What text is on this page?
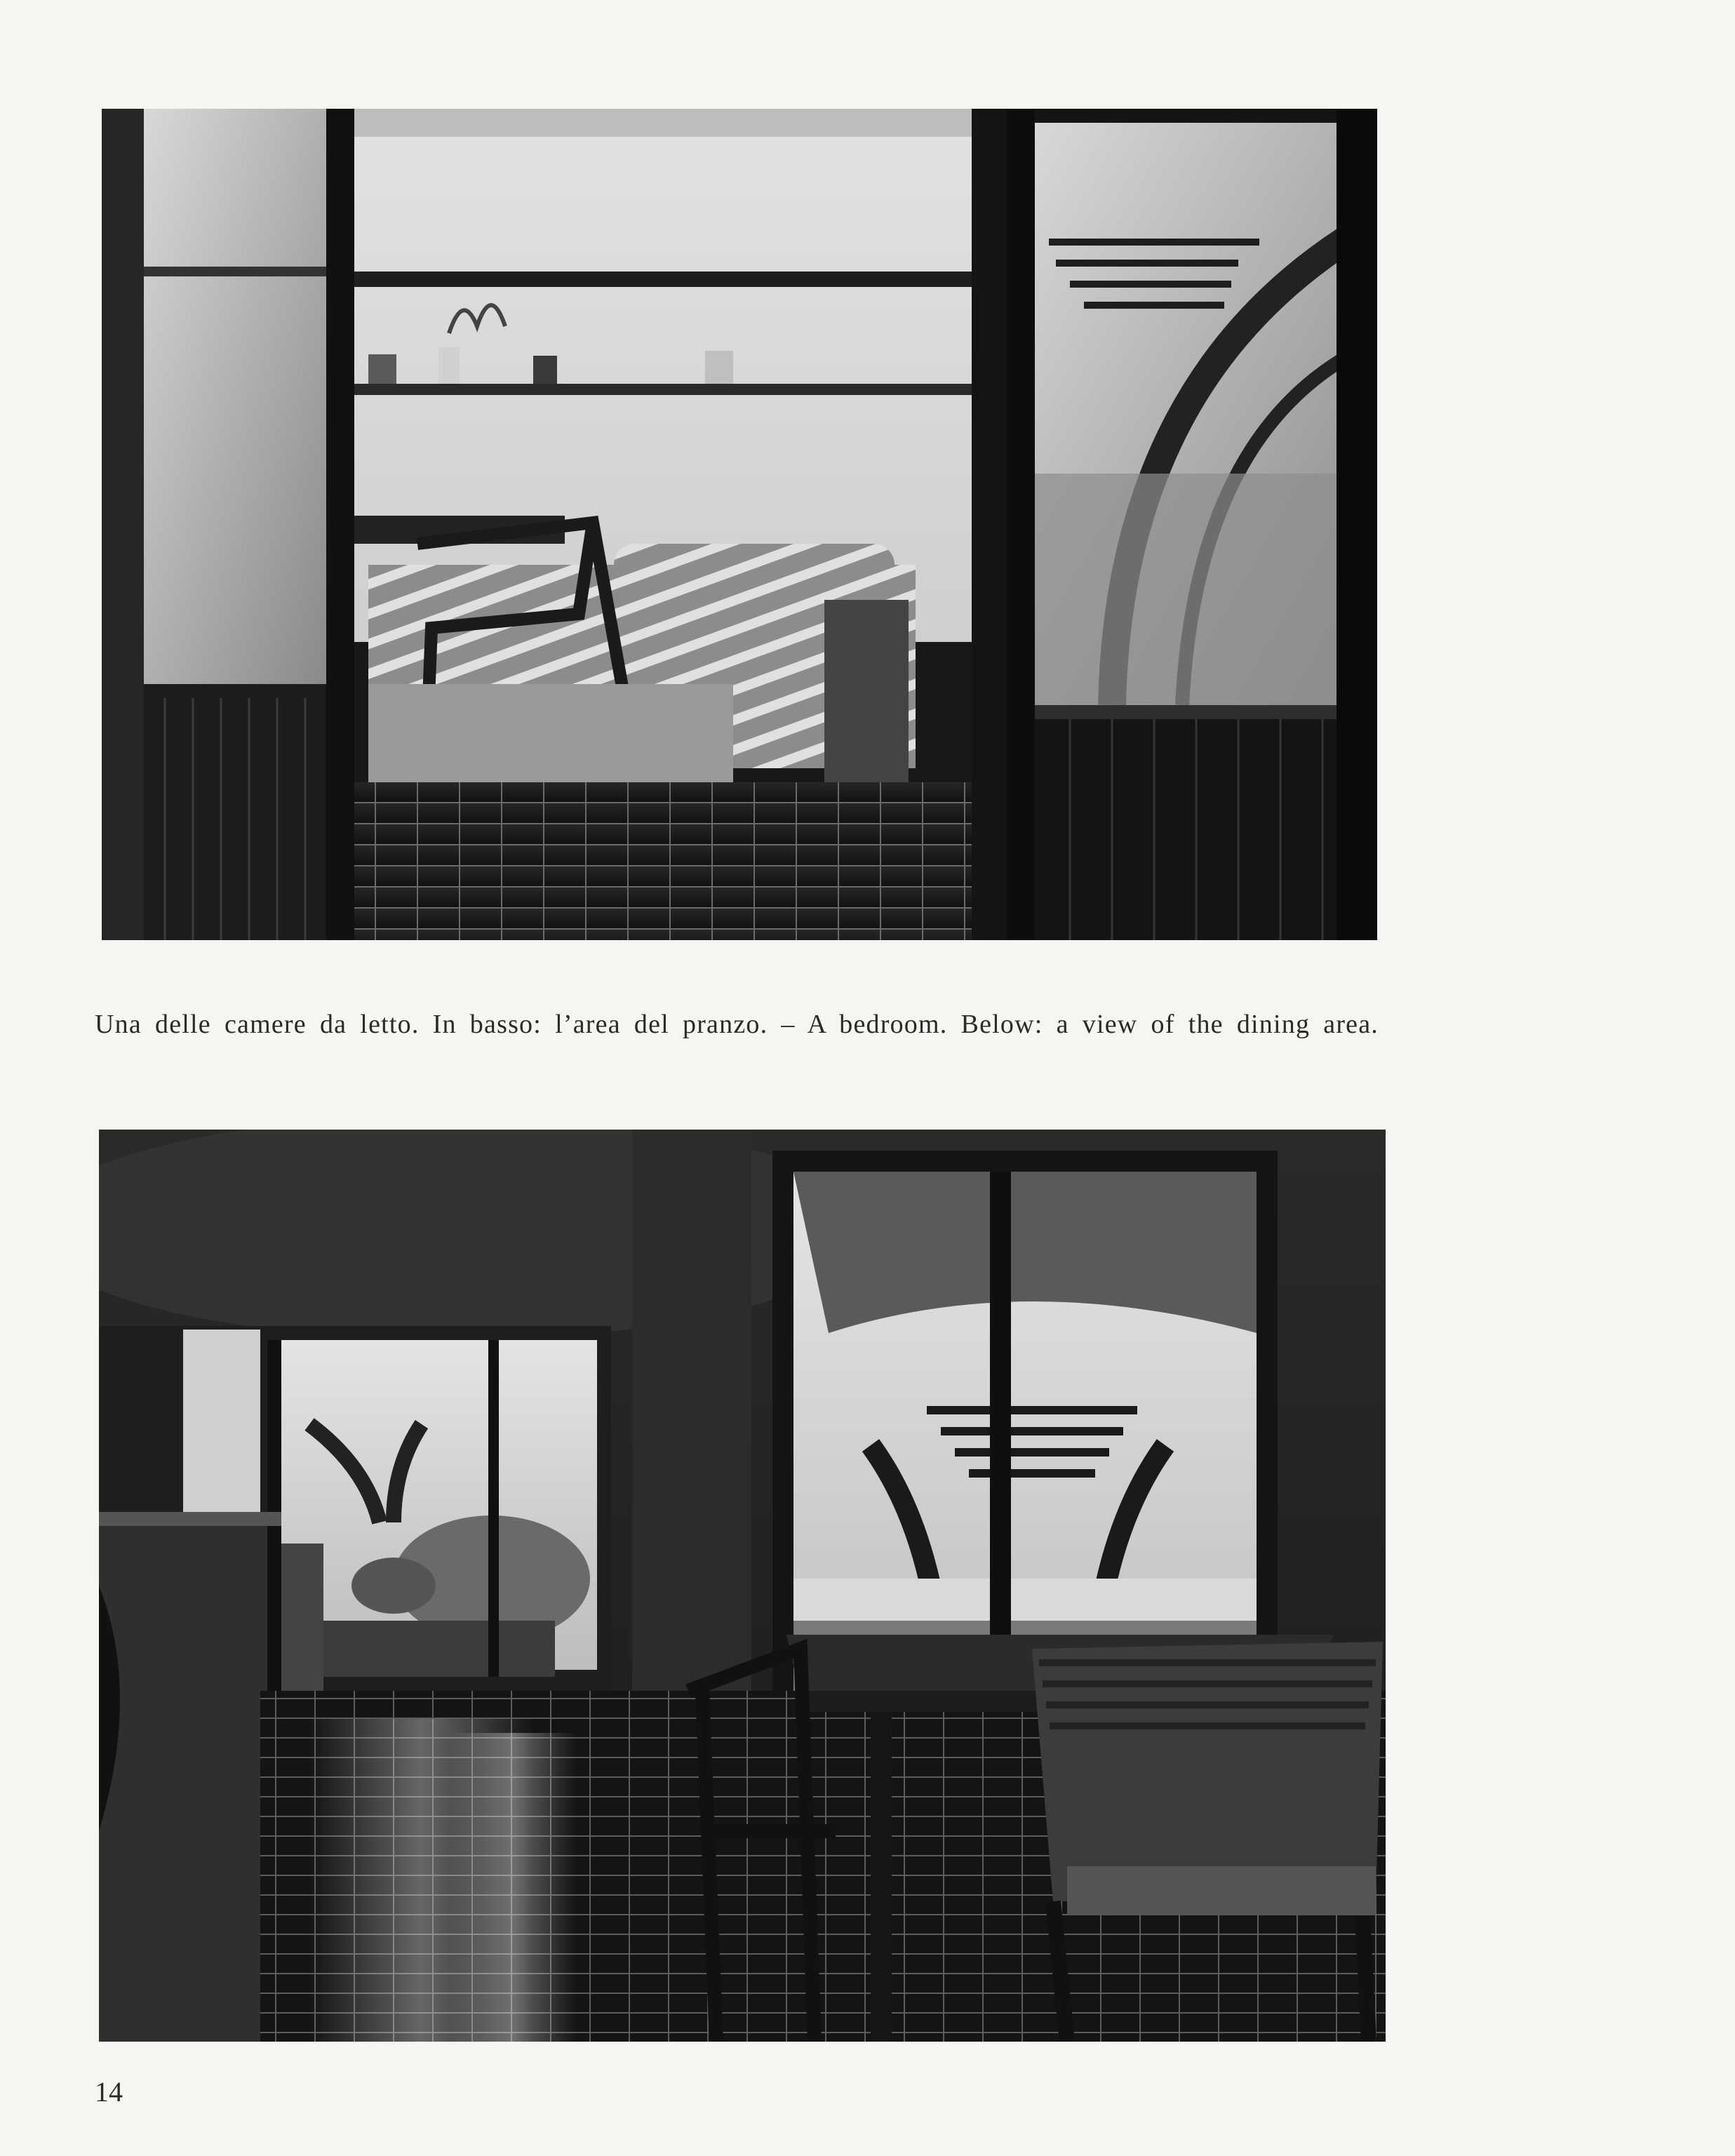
Una delle camere da letto. In basso: l’area del pranzo. – A bedroom. Below: a view of the dining area.

14
